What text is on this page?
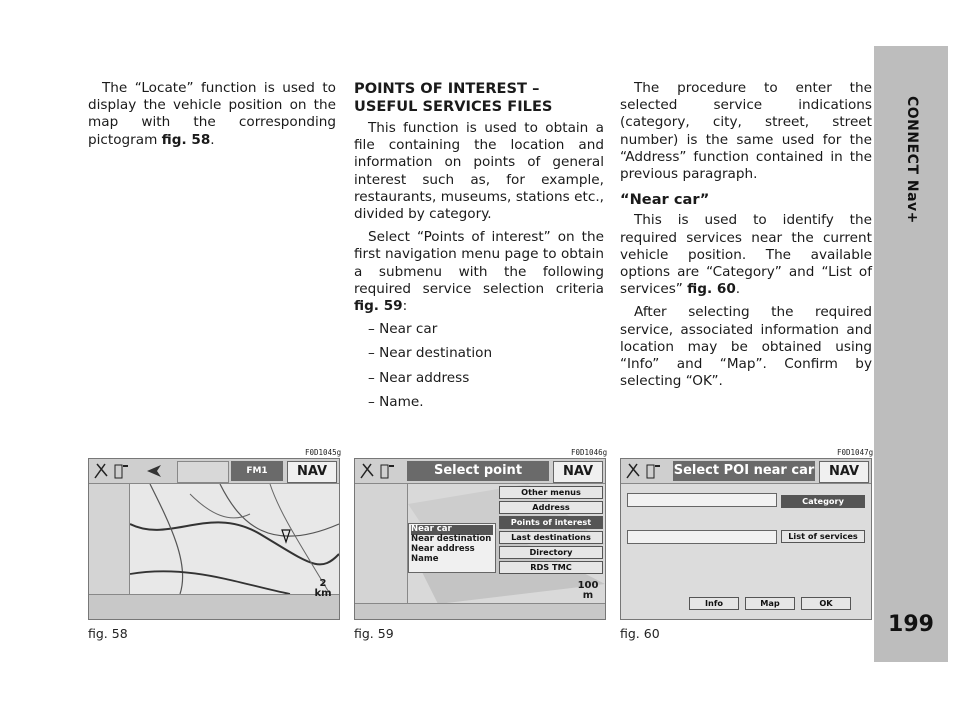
The “Locate” function is used to display the vehicle position on the map with the corresponding pictogram fig. 58.

POINTS OF INTEREST –
USEFUL SERVICES FILES

This function is used to obtain a file containing the location and information on points of general interest such as, for example, restaurants, museums, stations etc., divided by category.

Select “Points of interest” on the first navigation menu page to obtain a submenu with the following required service selection criteria fig. 59:

– Near car
– Near destination
– Near address
– Name.

The procedure to enter the selected service indications (category, city, street, street number) is the same used for the “Address” function contained in the previous paragraph.

“Near car”

This is used to identify the required services near the current vehicle position. The available options are “Category” and “List of services” fig. 60.

After selecting the required service, associated information and location may be obtained using “Info” and “Map”. Confirm by selecting “OK”.

CONNECT Nav+
199
F0D1045g
FM1	NAV
2
km
fig. 58
F0D1046g
Select point	NAV
Near car
Near destination
Near address
Name
Other menus
Address
Points of interest
Last destinations
Directory
RDS TMC
100
m
fig. 59
F0D1047g
Select POI near car	NAV
Category
List of services
Info	Map	OK
fig. 60
